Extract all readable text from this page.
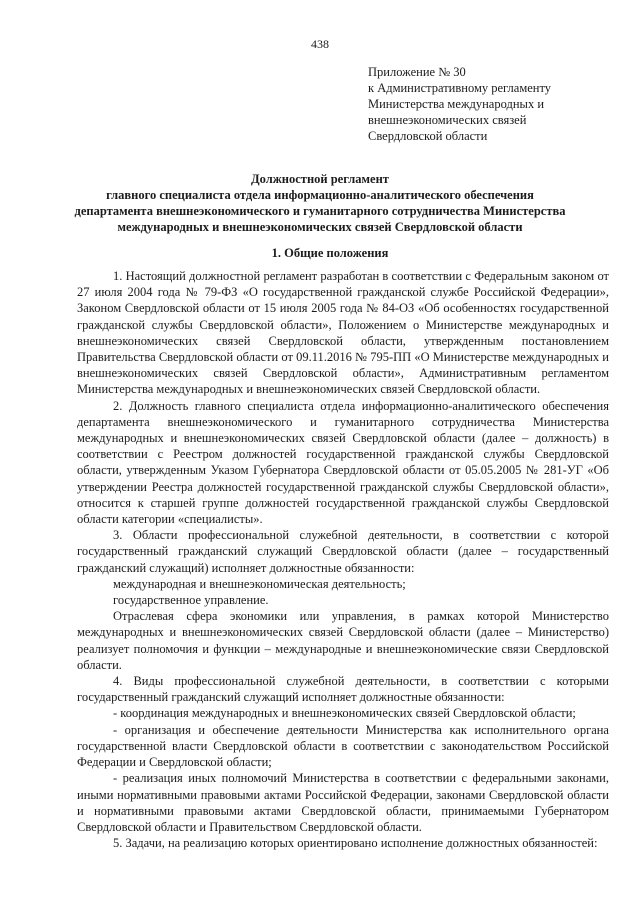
438
Приложение № 30
к Административному регламенту
Министерства международных и
внешнеэкономических связей
Свердловской области
Должностной регламент
главного специалиста отдела информационно-аналитического обеспечения
департамента внешнеэкономического и гуманитарного сотрудничества Министерства
международных и внешнеэкономических связей Свердловской области
1. Общие положения

1. Настоящий должностной регламент разработан в соответствии с Федеральным законом от 27 июля 2004 года № 79-ФЗ «О государственной гражданской службе Российской Федерации», Законом Свердловской области от 15 июля 2005 года № 84-ОЗ «Об особенностях государственной гражданской службы Свердловской области», Положением о Министерстве международных и внешнеэкономических связей Свердловской области, утвержденным постановлением Правительства Свердловской области от 09.11.2016 № 795-ПП «О Министерстве международных и внешнеэкономических связей Свердловской области», Административным регламентом Министерства международных и внешнеэкономических связей Свердловской области.

2. Должность главного специалиста отдела информационно-аналитического обеспечения департамента внешнеэкономического и гуманитарного сотрудничества Министерства международных и внешнеэкономических связей Свердловской области (далее – должность) в соответствии с Реестром должностей государственной гражданской службы Свердловской области, утвержденным Указом Губернатора Свердловской области от 05.05.2005 № 281-УГ «Об утверждении Реестра должностей государственной гражданской службы Свердловской области», относится к старшей группе должностей государственной гражданской службы Свердловской области категории «специалисты».

3. Области профессиональной служебной деятельности, в соответствии с которой государственный гражданский служащий Свердловской области (далее – государственный гражданский служащий) исполняет должностные обязанности:

международная и внешнеэкономическая деятельность;

государственное управление.

Отраслевая сфера экономики или управления, в рамках которой Министерство международных и внешнеэкономических связей Свердловской области (далее – Министерство) реализует полномочия и функции – международные и внешнеэкономические связи Свердловской области.

4. Виды профессиональной служебной деятельности, в соответствии с которыми государственный гражданский служащий исполняет должностные обязанности:

- координация международных и внешнеэкономических связей Свердловской области;

- организация и обеспечение деятельности Министерства как исполнительного органа государственной власти Свердловской области в соответствии с законодательством Российской Федерации и Свердловской области;

- реализация иных полномочий Министерства в соответствии с федеральными законами, иными нормативными правовыми актами Российской Федерации, законами Свердловской области и нормативными правовыми актами Свердловской области, принимаемыми Губернатором Свердловской области и Правительством Свердловской области.

5. Задачи, на реализацию которых ориентировано исполнение должностных обязанностей:
